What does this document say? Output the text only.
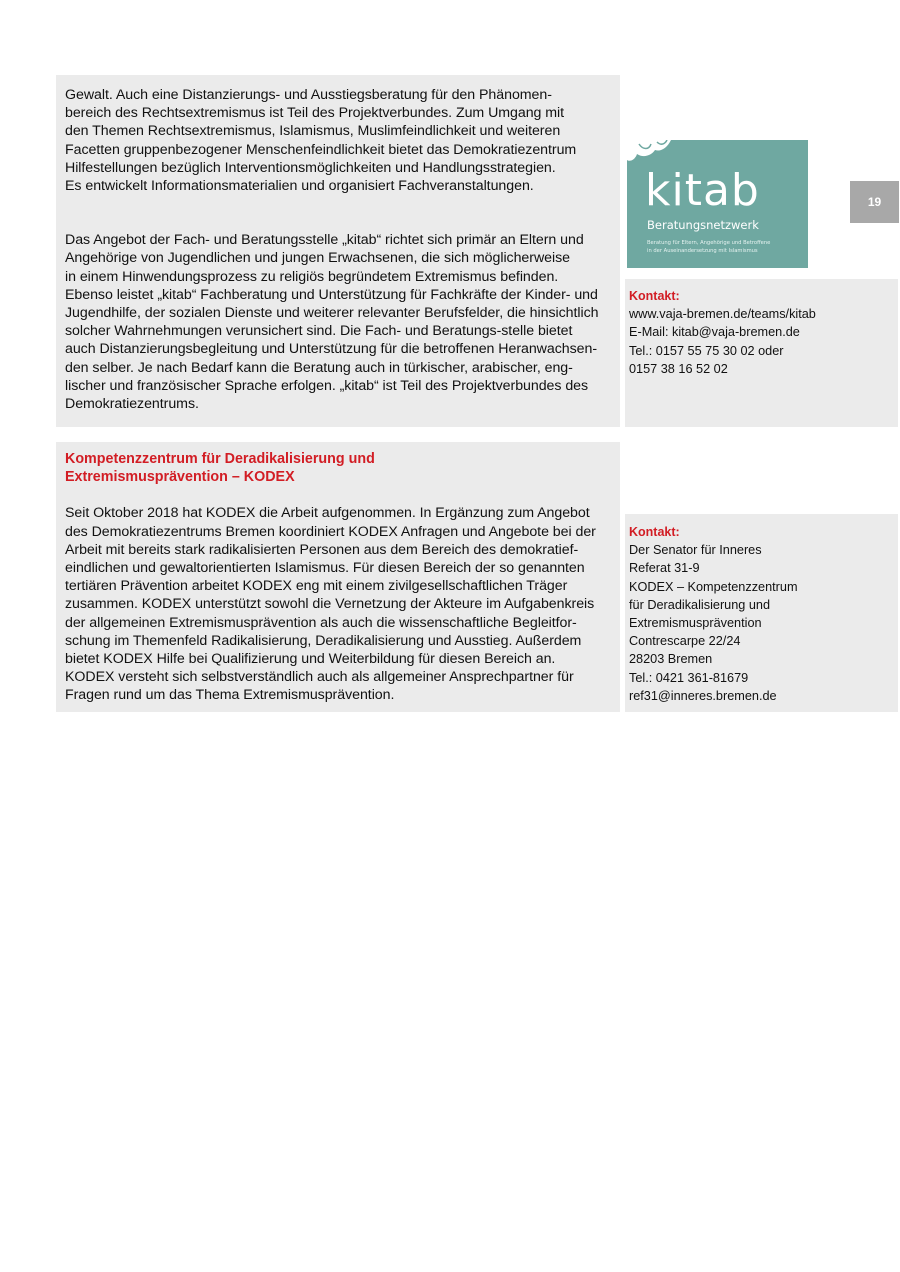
Gewalt. Auch eine Distanzierungs- und Ausstiegsberatung für den Phänomen-
bereich des Rechtsextremismus ist Teil des Projektverbundes. Zum Umgang mit
den Themen Rechtsextremismus, Islamismus, Muslimfeindlichkeit und weiteren
Facetten gruppenbezogener Menschenfeindlichkeit bietet das Demokratiezentrum
Hilfestellungen bezüglich Interventionsmöglichkeiten und Handlungsstrategien.
Es entwickelt Informationsmaterialien und organisiert Fachveranstaltungen.

Das Angebot der Fach- und Beratungsstelle „kitab“ richtet sich primär an Eltern und
Angehörige von Jugendlichen und jungen Erwachsenen, die sich möglicherweise
in einem Hinwendungsprozess zu religiös begründetem Extremismus befinden.
Ebenso leistet „kitab“ Fachberatung und Unterstützung für Fachkräfte der Kinder- und
Jugendhilfe, der sozialen Dienste und weiterer relevanter Berufsfelder, die hinsichtlich
solcher Wahrnehmungen verunsichert sind. Die Fach- und Beratungs-stelle bietet
auch Distanzierungsbegleitung und Unterstützung für die betroffenen Heranwachsen-
den selber. Je nach Bedarf kann die Beratung auch in türkischer, arabischer, eng-
lischer und französischer Sprache erfolgen. „kitab“ ist Teil des Projektverbundes des
Demokratiezentrums.

kitab
Beratungsnetzwerk
Beratung für Eltern, Angehörige und Betroffene
in der Auseinandersetzung mit Islamismus
19

Kontakt:

www.vaja-bremen.de/teams/kitab

E-Mail: kitab@vaja-bremen.de

Tel.: 0157 55 75 30 02 oder

0157 38 16 52 02

Kompetenzzentrum für Deradikalisierung und
Extremismusprävention – KODEX

Seit Oktober 2018 hat KODEX die Arbeit aufgenommen. In Ergänzung zum Angebot
des Demokratiezentrums Bremen koordiniert KODEX Anfragen und Angebote bei der
Arbeit mit bereits stark radikalisierten Personen aus dem Bereich des demokratief-
eindlichen und gewaltorientierten Islamismus. Für diesen Bereich der so genannten
tertiären Prävention arbeitet KODEX eng mit einem zivilgesellschaftlichen Träger
zusammen. KODEX unterstützt sowohl die Vernetzung der Akteure im Aufgabenkreis
der allgemeinen Extremismusprävention als auch die wissenschaftliche Begleitfor-
schung im Themenfeld Radikalisierung, Deradikalisierung und Ausstieg. Außerdem
bietet KODEX Hilfe bei Qualifizierung und Weiterbildung für diesen Bereich an.
KODEX versteht sich selbstverständlich auch als allgemeiner Ansprechpartner für
Fragen rund um das Thema Extremismusprävention.

Kontakt:

Der Senator für Inneres

Referat 31-9

KODEX – Kompetenzzentrum

für Deradikalisierung und

Extremismusprävention

Contrescarpe 22/24

28203 Bremen

Tel.: 0421 361-81679

ref31@inneres.bremen.de
